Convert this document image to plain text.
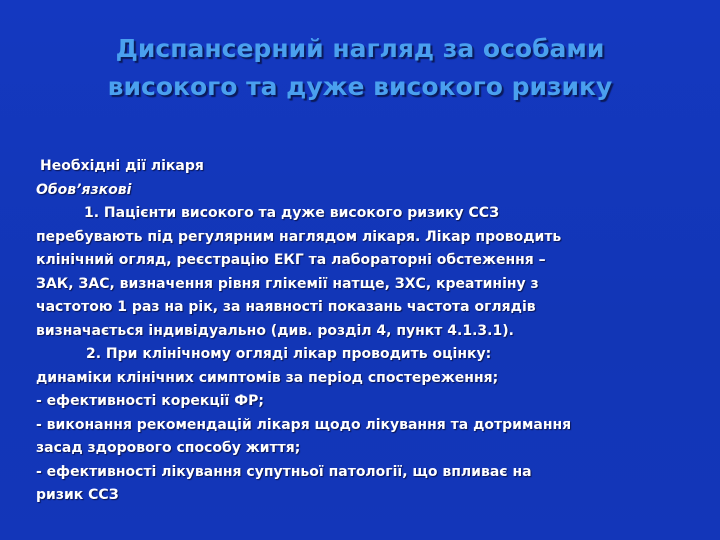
Диспансерний нагляд за особами
високого та дуже високого ризику

Необхідні дії лікаря

Обов’язкові

1. Пацієнти високого та дуже високого ризику ССЗ

перебувають під регулярним наглядом лікаря. Лікар проводить

клінічний огляд, реєстрацію ЕКГ та лабораторні обстеження –

ЗАК, ЗАС, визначення рівня глікемії натще, ЗХС, креатиніну з

частотою 1 раз на рік, за наявності показань частота оглядів

визначається індивідуально (див. розділ 4, пункт 4.1.3.1).

2. При клінічному огляді лікар проводить оцінку:

динаміки клінічних симптомів за період спостереження;

- ефективності корекції ФР;

- виконання рекомендацій лікаря щодо лікування та дотримання

засад здорового способу життя;

- ефективності лікування супутньої патології, що впливає на

ризик ССЗ
